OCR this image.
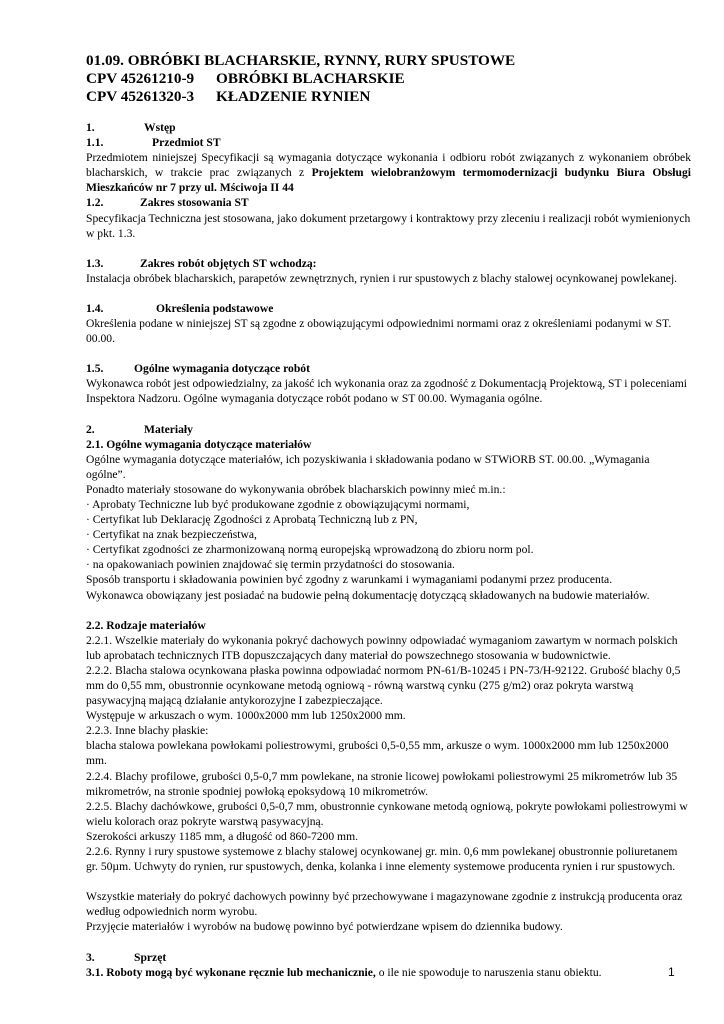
01.09. OBRÓBKI BLACHARSKIE, RYNNY, RURY SPUSTOWE
CPV 45261210-9 OBRÓBKI BLACHARSKIE
CPV 45261320-3 KŁADZENIE RYNIEN
1.	Wstęp
1.1.	Przedmiot ST
Przedmiotem niniejszej Specyfikacji są wymagania dotyczące wykonania i odbioru robót związanych z wykonaniem obróbek blacharskich, w trakcie prac związanych z Projektem wielobranżowym termomodernizacji budynku Biura Obsługi Mieszkańców nr 7 przy ul. Mściwoja II 44
1.2.	Zakres stosowania ST
Specyfikacja Techniczna jest stosowana, jako dokument przetargowy i kontraktowy przy zleceniu i realizacji robót wymienionych w pkt. 1.3.
1.3.	Zakres robót objętych ST wchodzą:
Instalacja obróbek blacharskich, parapetów zewnętrznych, rynien i rur spustowych z blachy stalowej ocynkowanej powlekanej.
1.4.	Określenia podstawowe
Określenia podane w niniejszej ST są zgodne z obowiązującymi odpowiednimi normami oraz z określeniami podanymi w ST. 00.00.
1.5.	Ogólne wymagania dotyczące robót
Wykonawca robót jest odpowiedzialny, za jakość ich wykonania oraz za zgodność z Dokumentacją Projektową, ST i poleceniami Inspektora Nadzoru. Ogólne wymagania dotyczące robót podano w ST 00.00. Wymagania ogólne.
2.	Materiały
2.1. Ogólne wymagania dotyczące materiałów
Ogólne wymagania dotyczące materiałów, ich pozyskiwania i składowania podano w STWiORB ST. 00.00. „Wymagania ogólne”.
Ponadto materiały stosowane do wykonywania obróbek blacharskich powinny mieć m.in.:
· Aprobaty Techniczne lub być produkowane zgodnie z obowiązującymi normami,
· Certyfikat lub Deklarację Zgodności z Aprobatą Techniczną lub z PN,
· Certyfikat na znak bezpieczeństwa,
· Certyfikat zgodności ze zharmonizowaną normą europejską wprowadzoną do zbioru norm pol.
· na opakowaniach powinien znajdować się termin przydatności do stosowania.
Sposób transportu i składowania powinien być zgodny z warunkami i wymaganiami podanymi przez producenta.
Wykonawca obowiązany jest posiadać na budowie pełną dokumentację dotyczącą składowanych na budowie materiałów.
2.2. Rodzaje materiałów
2.2.1. Wszelkie materiały do wykonania pokryć dachowych powinny odpowiadać wymaganiom zawartym w normach polskich lub aprobatach technicznych ITB dopuszczających dany materiał do powszechnego stosowania w budownictwie.
2.2.2. Blacha stalowa ocynkowana płaska powinna odpowiadać normom PN-61/B-10245 i PN-73/H-92122. Grubość blachy 0,5 mm do 0,55 mm, obustronnie ocynkowane metodą ogniową - równą warstwą cynku (275 g/m2) oraz pokryta warstwą pasywacyjną mającą działanie antykorozyjne I zabezpieczające.
Występuje w arkuszach o wym. 1000x2000 mm lub 1250x2000 mm.
2.2.3. Inne blachy płaskie:
blacha stalowa powlekana powłokami poliestrowymi, grubości 0,5-0,55 mm, arkusze o wym. 1000x2000 mm lub 1250x2000 mm.
2.2.4. Blachy profilowe, grubości 0,5-0,7 mm powlekane, na stronie licowej powłokami poliestrowymi 25 mikrometrów lub 35 mikrometrów, na stronie spodniej powłoką epoksydową 10 mikrometrów.
2.2.5. Blachy dachówkowe, grubości 0,5-0,7 mm, obustronnie cynkowane metodą ogniową, pokryte powłokami poliestrowymi w wielu kolorach oraz pokryte warstwą pasywacyjną.
Szerokości arkuszy 1185 mm, a długość od 860-7200 mm.
2.2.6. Rynny i rury spustowe systemowe z blachy stalowej ocynkowanej gr. min. 0,6 mm powlekanej obustronnie poliuretanem gr. 50µm. Uchwyty do rynien, rur spustowych, denka, kolanka i inne elementy systemowe producenta rynien i rur spustowych.
Wszystkie materiały do pokryć dachowych powinny być przechowywane i magazynowane zgodnie z instrukcją producenta oraz według odpowiednich norm wyrobu.
Przyjęcie materiałów i wyrobów na budowę powinno być potwierdzane wpisem do dziennika budowy.
3.	Sprzęt
3.1. Roboty mogą być wykonane ręcznie lub mechanicznie, o ile nie spowoduje to naruszenia stanu obiektu.	1
